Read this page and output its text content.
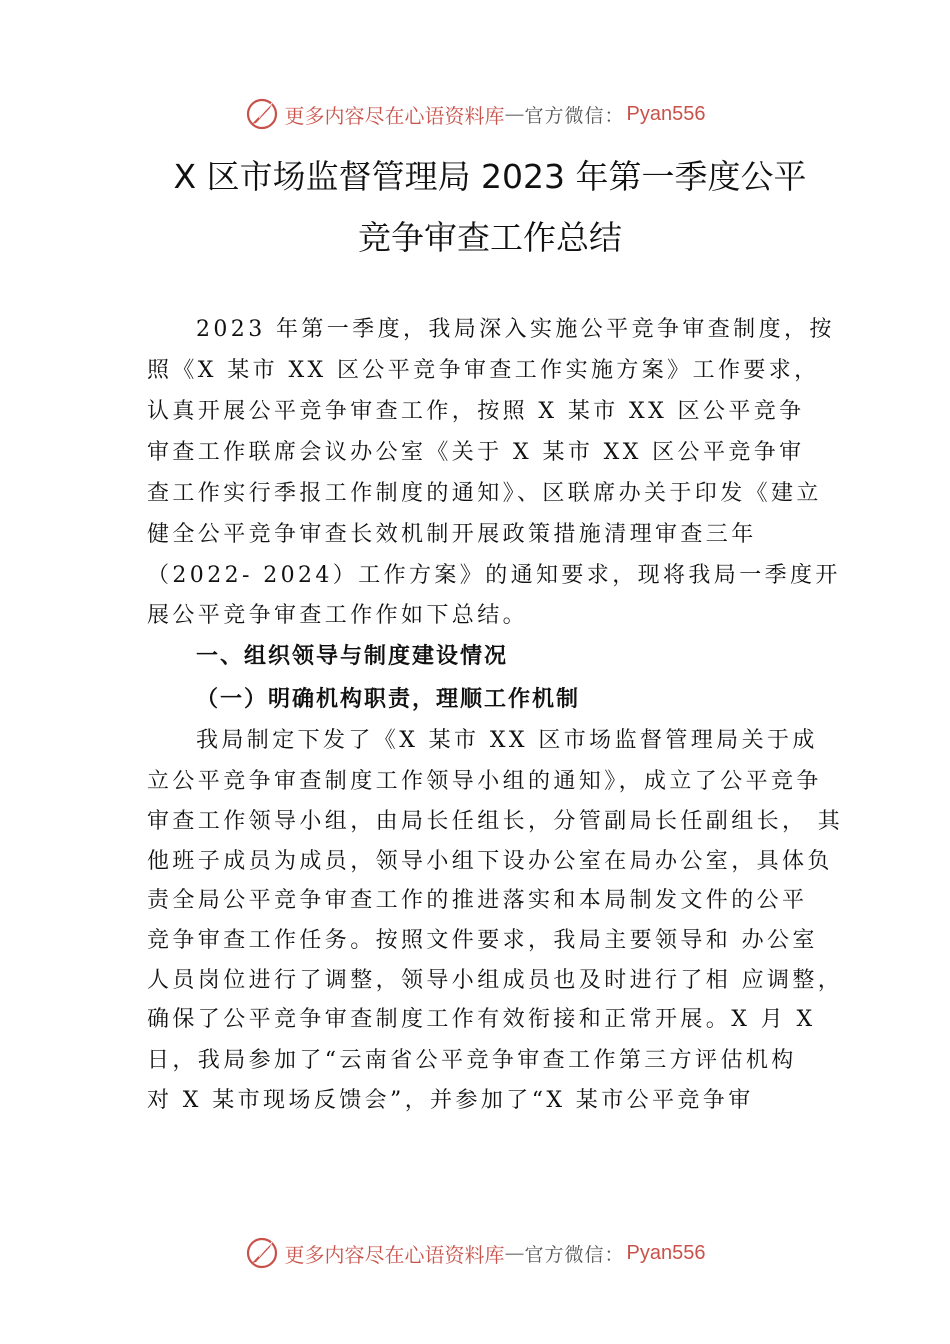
更多内容尽在心语资料库 — 官方微信： Pyan556
X 区市场监督管理局 2023 年第一季度公平
竞争审查工作总结
2023 年第一季度，我局深入实施公平竞争审查制度，按
照《X 某市 XX 区公平竞争审查工作实施方案》工作要求，
认真开展公平竞争审查工作，按照 X 某市 XX 区公平竞争
审查工作联席会议办公室《关于 X 某市 XX 区公平竞争审
查工作实行季报工作制度的通知》、区联席办关于印发《建立
健全公平竞争审查长效机制开展政策措施清理审查三年
（2022- 2024）工作方案》的通知要求，现将我局一季度开
展公平竞争审查工作作如下总结。
一、组织领导与制度建设情况
（一）明确机构职责，理顺工作机制
我局制定下发了《X 某市 XX 区市场监督管理局关于成
立公平竞争审查制度工作领导小组的通知》，成立了公平竞争
审查工作领导小组，由局长任组长，分管副局长任副组长， 其
他班子成员为成员，领导小组下设办公室在局办公室，具体负
责全局公平竞争审查工作的推进落实和本局制发文件的公平
竞争审查工作任务。按照文件要求，我局主要领导和 办公室
人员岗位进行了调整，领导小组成员也及时进行了相 应调整，
确保了公平竞争审查制度工作有效衔接和正常开展。X 月 X
日，我局参加了“云南省公平竞争审查工作第三方评估机构
对 X 某市现场反馈会”，并参加了“X 某市公平竞争审
更多内容尽在心语资料库 — 官方微信： Pyan556
